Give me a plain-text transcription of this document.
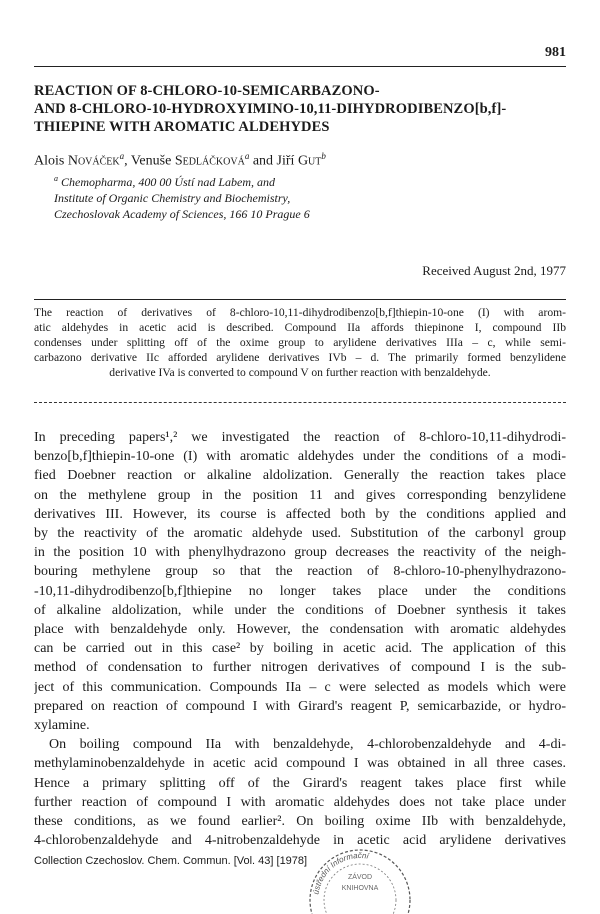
981
REACTION OF 8-CHLORO-10-SEMICARBAZONO-
AND 8-CHLORO-10-HYDROXYIMINO-10,11-DIHYDRODIBENZO[b,f]-
THIEPINE WITH AROMATIC ALDEHYDES
Alois Nováček$^a$, Venuše Sedláčková$^a$ and Jiří Gut$^b$
$^a$ Chemopharma, 400 00 Ústí nad Labem, and
Institute of Organic Chemistry and Biochemistry,
Czechoslovak Academy of Sciences, 166 10 Prague 6
Received August 2nd, 1977
The reaction of derivatives of 8-chloro-10,11-dihydrodibenzo[b,f]thiepin-10-one (I) with arom-
atic aldehydes in acetic acid is described. Compound IIa affords thiepinone I, compound IIb
condenses under splitting off of the oxime group to arylidene derivatives IIIa – c, while semi-
carbazono derivative IIc afforded arylidene derivatives IVb – d. The primarily formed benzylidene
derivative IVa is converted to compound V on further reaction with benzaldehyde.
In preceding papers¹,² we investigated the reaction of 8-chloro-10,11-dihydrodi-
benzo[b,f]thiepin-10-one (I) with aromatic aldehydes under the conditions of a modi-
fied Doebner reaction or alkaline aldolization. Generally the reaction takes place
on the methylene group in the position 11 and gives corresponding benzylidene
derivatives III. However, its course is affected both by the conditions applied and
by the reactivity of the aromatic aldehyde used. Substitution of the carbonyl group
in the position 10 with phenylhydrazono group decreases the reactivity of the neigh-
bouring methylene group so that the reaction of 8-chloro-10-phenylhydrazono-
-10,11-dihydrodibenzo[b,f]thiepine no longer takes place under the conditions
of alkaline aldolization, while under the conditions of Doebner synthesis it takes
place with benzaldehyde only. However, the condensation with aromatic aldehydes
can be carried out in this case² by boiling in acetic acid. The application of this
method of condensation to further nitrogen derivatives of compound I is the sub-
ject of this communication. Compounds IIa – c were selected as models which were
prepared on reaction of compound I with Girard's reagent P, semicarbazide, or hydro-
xylamine.
On boiling compound IIa with benzaldehyde, 4-chlorobenzaldehyde and 4-di-
methylaminobenzaldehyde in acetic acid compound I was obtained in all three cases.
Hence a primary splitting off of the Girard's reagent takes place first while
further reaction of compound I with aromatic aldehydes does not take place under
these conditions, as we found earlier². On boiling oxime IIb with benzaldehyde,
4-chlorobenzaldehyde and 4-nitrobenzaldehyde in acetic acid arylidene derivatives
Collection Czechoslov. Chem. Commun. [Vol. 43] [1978]
ústřední Informační
ZÁVOD
KNIHOVNA
